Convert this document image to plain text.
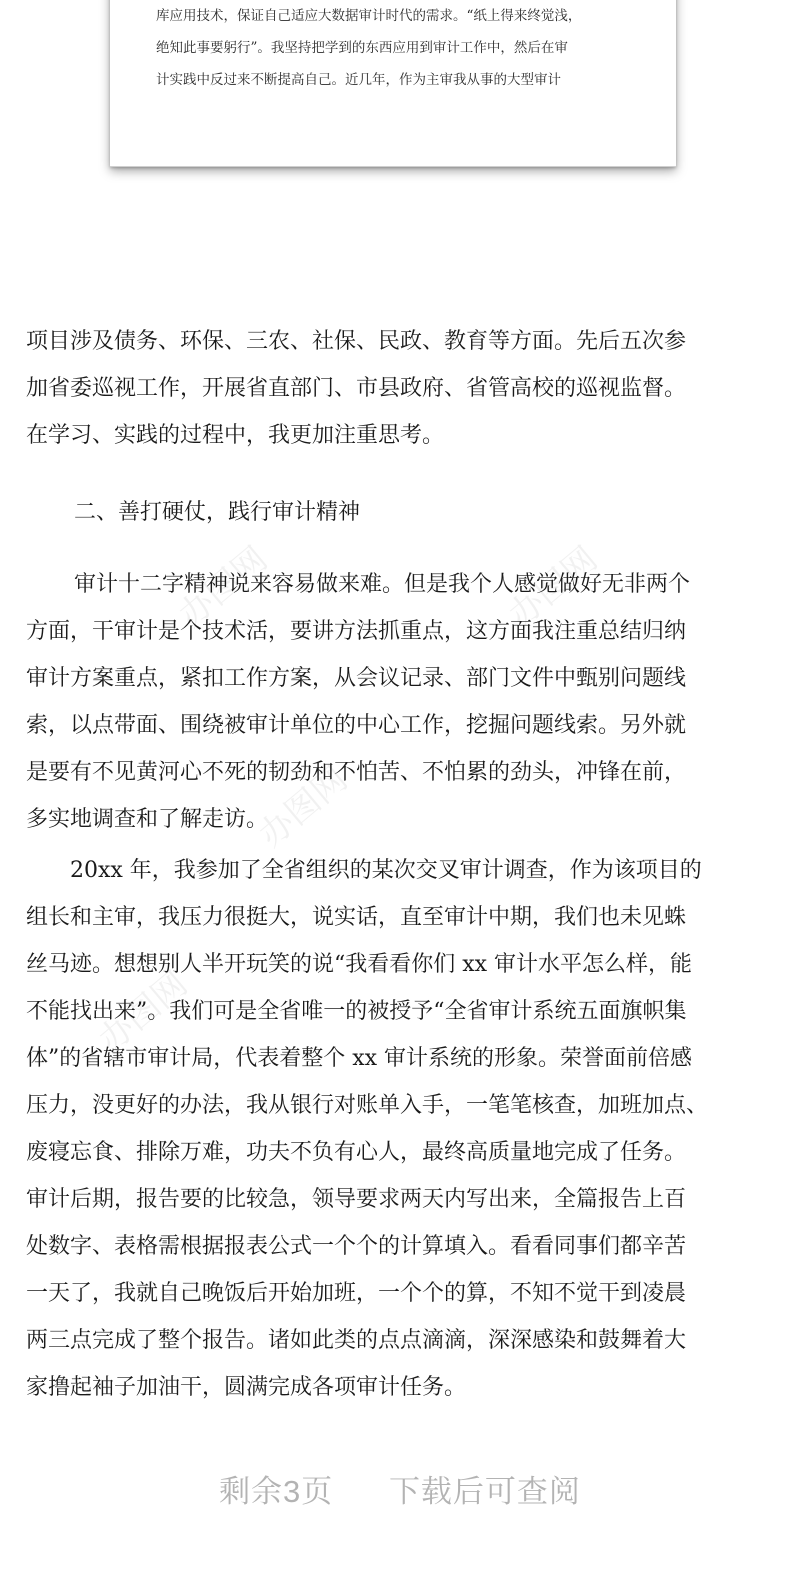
办图网	办图网
办图网
办图网
库应用技术，保证自己适应大数据审计时代的需求。“纸上得来终觉浅，
绝知此事要躬行”。我坚持把学到的东西应用到审计工作中，然后在审
计实践中反过来不断提高自己。近几年，作为主审我从事的大型审计
项目涉及债务、环保、三农、社保、民政、教育等方面。先后五次参
加省委巡视工作，开展省直部门、市县政府、省管高校的巡视监督。
在学习、实践的过程中，我更加注重思考。
二、善打硬仗，践行审计精神
审计十二字精神说来容易做来难。但是我个人感觉做好无非两个
方面，干审计是个技术活，要讲方法抓重点，这方面我注重总结归纳
审计方案重点，紧扣工作方案，从会议记录、部门文件中甄别问题线
索，以点带面、围绕被审计单位的中心工作，挖掘问题线索。另外就
是要有不见黄河心不死的韧劲和不怕苦、不怕累的劲头，冲锋在前，
多实地调查和了解走访。
20xx 年，我参加了全省组织的某次交叉审计调查，作为该项目的
组长和主审，我压力很挺大，说实话，直至审计中期，我们也未见蛛
丝马迹。想想别人半开玩笑的说“我看看你们 xx 审计水平怎么样，能
不能找出来”。我们可是全省唯一的被授予“全省审计系统五面旗帜集
体”的省辖市审计局，代表着整个 xx 审计系统的形象。荣誉面前倍感
压力，没更好的办法，我从银行对账单入手，一笔笔核查，加班加点、
废寝忘食、排除万难，功夫不负有心人，最终高质量地完成了任务。
审计后期，报告要的比较急，领导要求两天内写出来，全篇报告上百
处数字、表格需根据报表公式一个个的计算填入。看看同事们都辛苦
一天了，我就自己晚饭后开始加班，一个个的算，不知不觉干到凌晨
两三点完成了整个报告。诸如此类的点点滴滴，深深感染和鼓舞着大
家撸起袖子加油干，圆满完成各项审计任务。
剩余3页 下载后可查阅
